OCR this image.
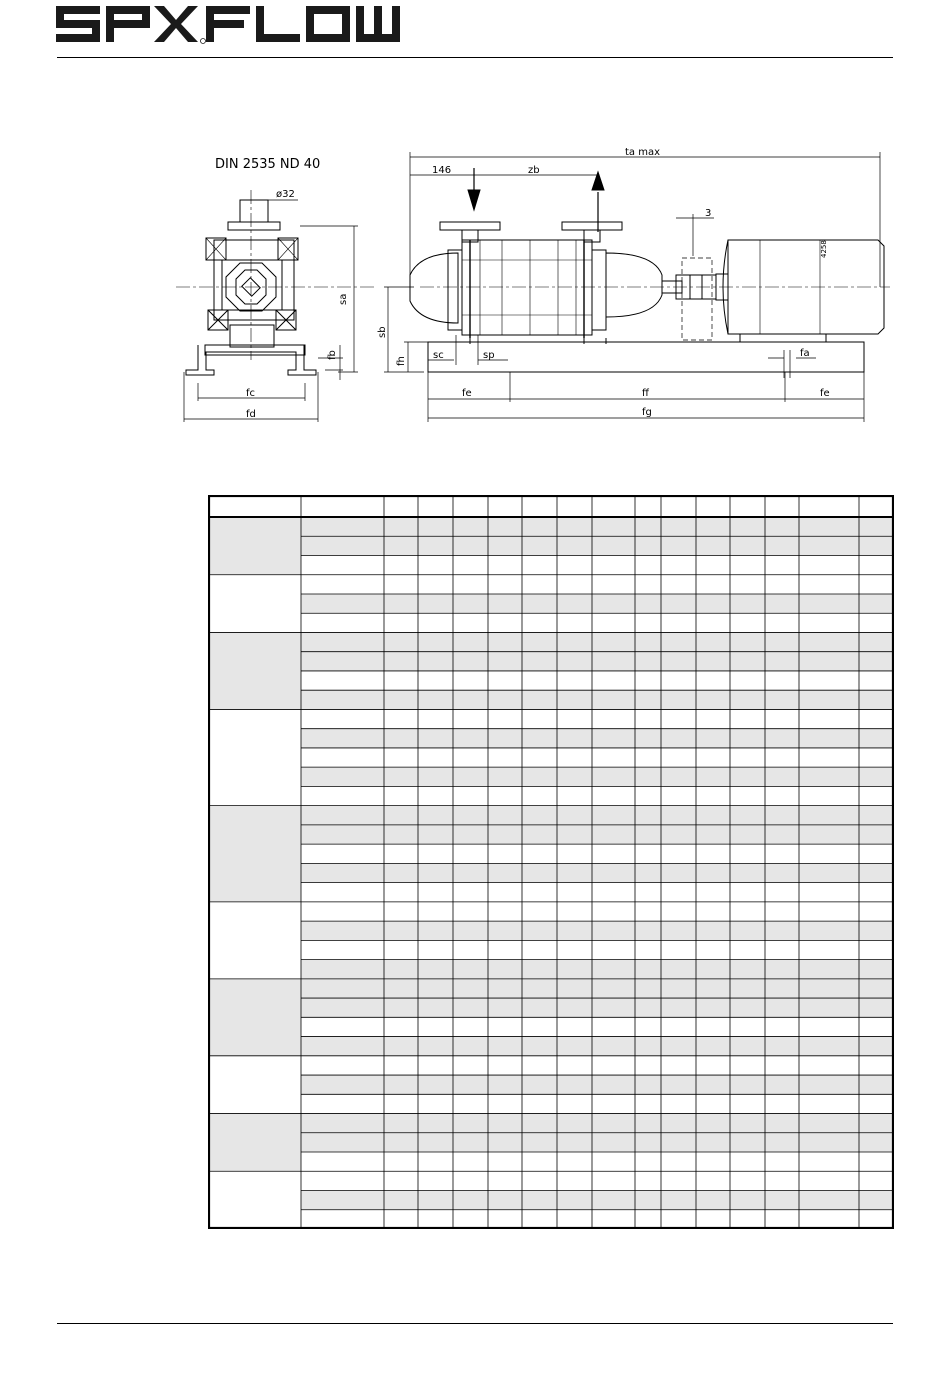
DIN 2535 ND 40
ø32
sa
fb
fc
fd
ta max
146	zb
3
4258
sb
fh
sc	sp	fa
fe	ff	fe
fg
